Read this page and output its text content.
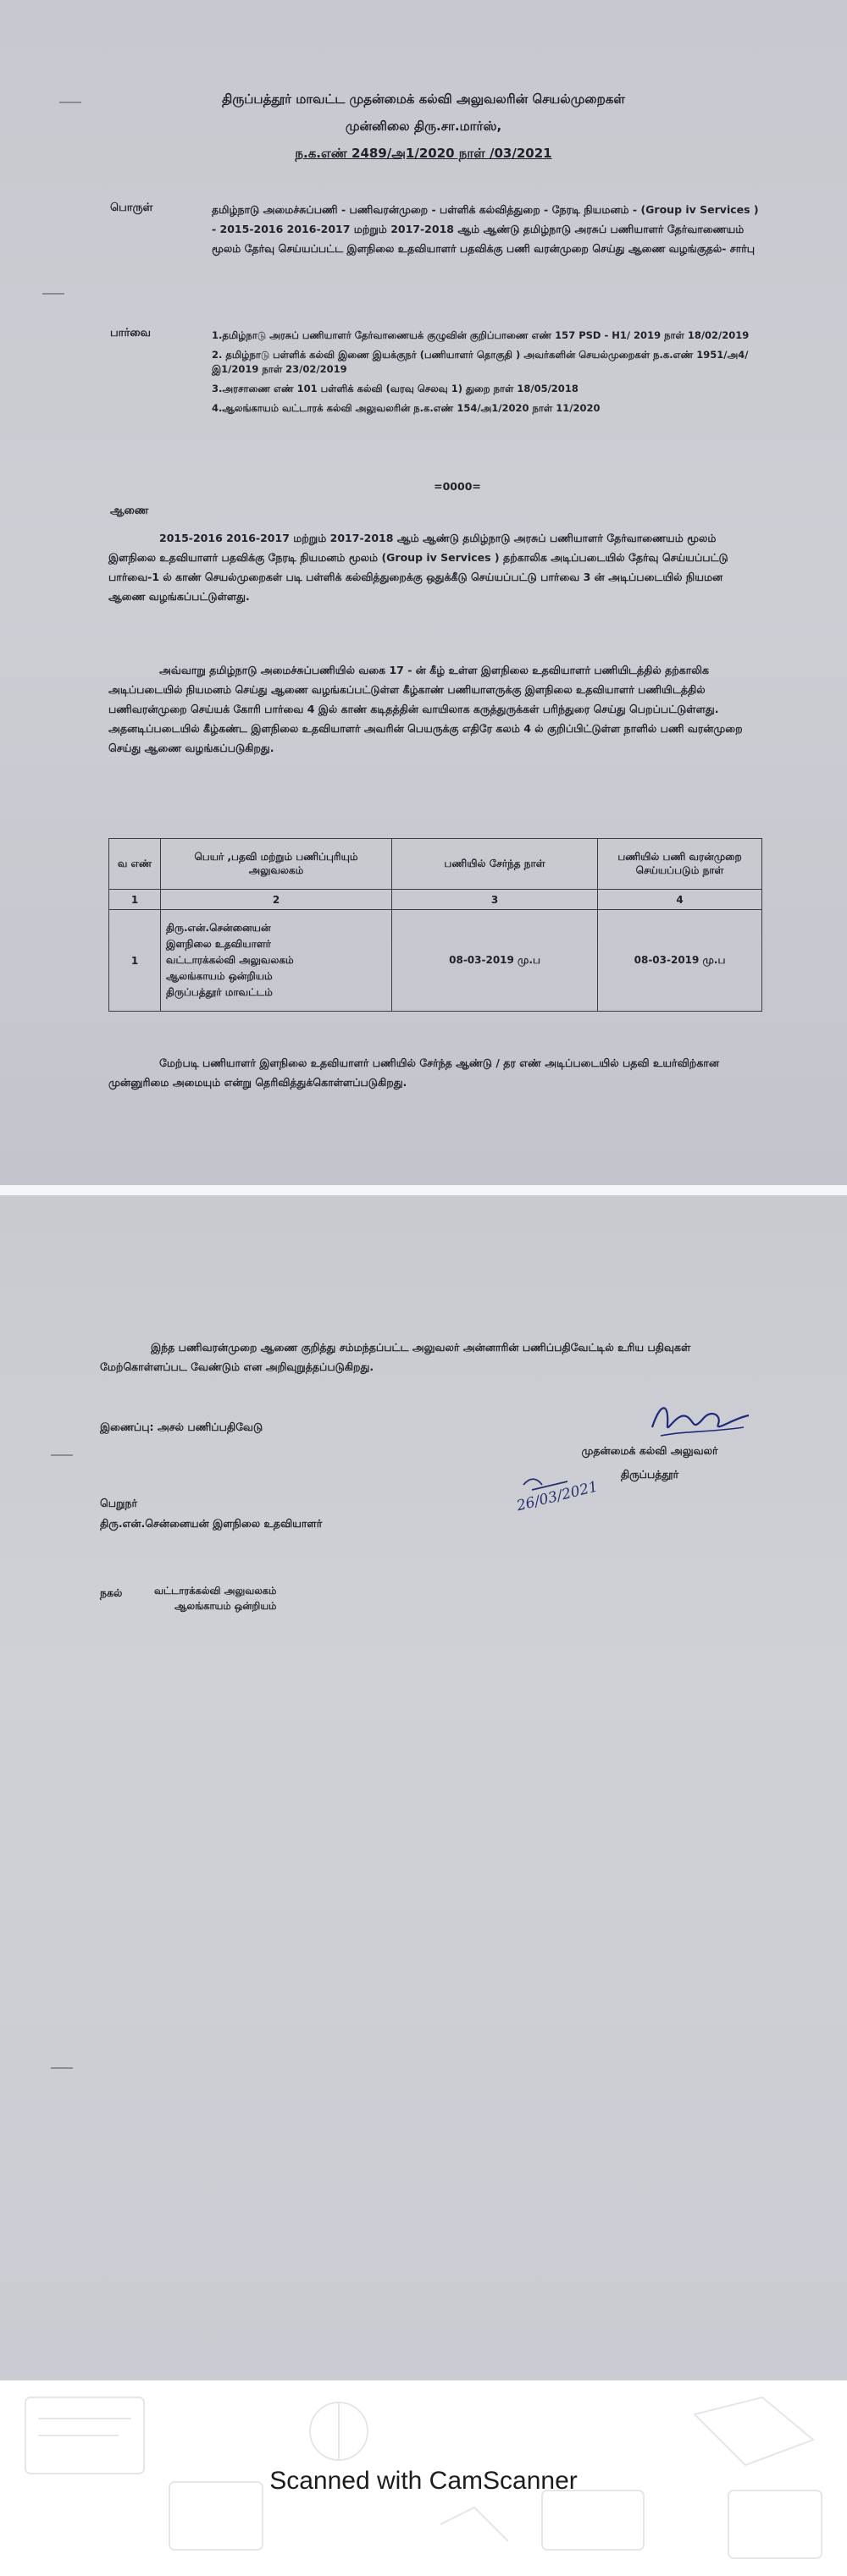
திருப்பத்தூர் மாவட்ட முதன்மைக் கல்வி அலுவலரின் செயல்முறைகள்
முன்னிலை திரு.சா.மார்ஸ்,
ந.க.எண் 2489/அ1/2020 நாள் /03/2021
பொருள்	தமிழ்நாடு அமைச்சுப்பணி - பணிவரன்முறை - பள்ளிக் கல்வித்துறை - நேரடி நியமனம் - (Group iv Services ) - 2015-2016 2016-2017 மற்றும் 2017-2018 ஆம் ஆண்டு தமிழ்நாடு அரசுப் பணியாளர் தேர்வாணையம் மூலம் தேர்வு செய்யப்பட்ட இளநிலை உதவியாளர் பதவிக்கு பணி வரன்முறை செய்து ஆணை வழங்குதல்- சார்பு
பார்வை	1.தமிழ்நாடு அரசுப் பணியாளர் தேர்வாணையக் குழுவின் குறிப்பாணை எண் 157 PSD - H1/ 2019 நாள் 18/02/2019

2. தமிழ்நாடு பள்ளிக் கல்வி இணை இயக்குநர் (பணியாளர் தொகுதி ) அவர்களின் செயல்முறைகள் ந.க.எண் 1951/அ4/இ1/2019 நாள் 23/02/2019

3.அரசாணை எண் 101 பள்ளிக் கல்வி (வரவு செலவு 1) துறை நாள் 18/05/2018

4.ஆலங்காயம் வட்டாரக் கல்வி அலுவலரின் ந.க.எண் 154/அ1/2020 நாள் 11/2020

=0000=
ஆணை

2015-2016 2016-2017 மற்றும் 2017-2018 ஆம் ஆண்டு தமிழ்நாடு அரசுப் பணியாளர் தேர்வாணையம் மூலம் இளநிலை உதவியாளர் பதவிக்கு நேரடி நியமனம் மூலம் (Group iv Services ) தற்காலிக அடிப்படையில் தேர்வு செய்யப்பட்டு பார்வை-1 ல் காண் செயல்முறைகள் படி பள்ளிக் கல்வித்துறைக்கு ஒதுக்கீடு செய்யப்பட்டு பார்வை 3 ன் அடிப்படையில் நியமன ஆணை வழங்கப்பட்டுள்ளது.

அவ்வாறு தமிழ்நாடு அமைச்சுப்பணியில் வகை 17 - ன் கீழ் உள்ள இளநிலை உதவியாளர் பணியிடத்தில் தற்காலிக அடிப்படையில் நியமனம் செய்து ஆணை வழங்கப்பட்டுள்ள கீழ்காண் பணியாளருக்கு இளநிலை உதவியாளர் பணியிடத்தில் பணிவரன்முறை செய்யக் கோரி பார்வை 4 இல் காண் கடிதத்தின் வாயிலாக கருத்துருக்கள் பரிந்துரை செய்து பெறப்பட்டுள்ளது. அதனடிப்படையில் கீழ்கண்ட இளநிலை உதவியாளர் அவரின் பெயருக்கு எதிரே கலம் 4 ல் குறிப்பிட்டுள்ள நாளில் பணி வரன்முறை செய்து ஆணை வழங்கப்படுகிறது.

வ எண்	பெயர் ,பதவி மற்றும் பணிப்புரியும் அலுவலகம்	பணியில் சேர்ந்த நாள்	பணியில் பணி வரன்முறை செய்யப்படும் நாள்
1	2	3	4
1	திரு.என்.சென்னையன்
இளநிலை உதவியாளர்
வட்டாரக்கல்வி அலுவலகம்
ஆலங்காயம் ஒன்றியம்
திருப்பத்தூர் மாவட்டம்	08-03-2019 மு.ப	08-03-2019 மு.ப

மேற்படி பணியாளர் இளநிலை உதவியாளர் பணியில் சேர்ந்த ஆண்டு / தர எண் அடிப்படையில் பதவி உயர்விற்கான முன்னுரிமை அமையும் என்று தெரிவித்துக்கொள்ளப்படுகிறது.

இந்த பணிவரன்முறை ஆணை குறித்து சம்மந்தப்பட்ட அலுவலர் அன்னாரின் பணிப்பதிவேட்டில் உரிய பதிவுகள் மேற்கொள்ளப்பட வேண்டும் என அறிவுறுத்தப்படுகிறது.

இணைப்பு: அசல் பணிப்பதிவேடு
முதன்மைக் கல்வி அலுவலர்
திருப்பத்தூர்
பெறுநர்
திரு.என்.சென்னையன் இளநிலை உதவியாளர்
நகல்	வட்டாரக்கல்வி அலுவலகம்
ஆலங்காயம் ஒன்றியம்
26/03/2021
Scanned with CamScanner
